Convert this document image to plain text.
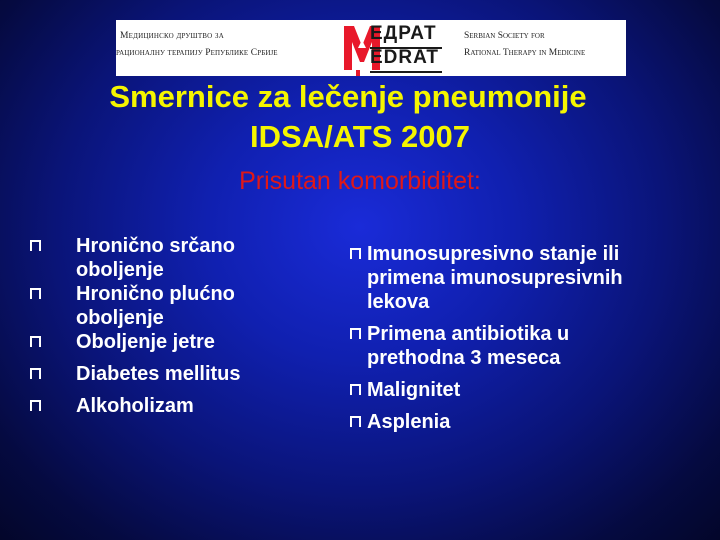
Медицинско друштво за
рационалну терапију Републике Србије
ЕДРАТ
EDRAT
Serbian Society for
Rational Therapy in Medicine
Smernice za lečenje pneumonije
IDSA/ATS 2007
Prisutan komorbiditet:
Hronično srčano oboljenje
Hronično plućno oboljenje
Oboljenje jetre
Diabetes mellitus
Alkoholizam
Imunosupresivno stanje ili primena imunosupresivnih lekova
Primena antibiotika u prethodna 3 meseca
Malignitet
Asplenia
